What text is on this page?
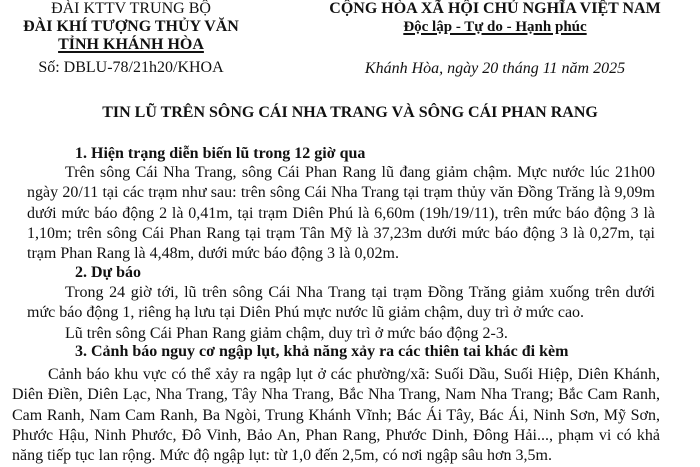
ĐÀI KTTV TRUNG BỘ
ĐÀI KHÍ TƯỢNG THỦY VĂN
TỈNH KHÁNH HÒA
Số: DBLU-78/21h20/KHOA
CỘNG HÒA XÃ HỘI CHỦ NGHĨA VIỆT NAM
Độc lập - Tự do - Hạnh phúc
Khánh Hòa, ngày 20 tháng 11 năm 2025
TIN LŨ TRÊN SÔNG CÁI NHA TRANG VÀ SÔNG CÁI PHAN RANG
1. Hiện trạng diễn biến lũ trong 12 giờ qua
Trên sông Cái Nha Trang, sông Cái Phan Rang lũ đang giảm chậm. Mực nước lúc 21h00 ngày 20/11 tại các trạm như sau: trên sông Cái Nha Trang tại trạm thủy văn Đồng Trăng là 9,09m dưới mức báo động 2 là 0,41m, tại trạm Diên Phú là 6,60m (19h/19/11), trên mức báo động 3 là 1,10m; trên sông Cái Phan Rang tại trạm Tân Mỹ là 37,23m dưới mức báo động 3 là 0,27m, tại trạm Phan Rang là 4,48m, dưới mức báo động 3 là 0,02m.
2. Dự báo
Trong 24 giờ tới, lũ trên sông Cái Nha Trang tại trạm Đồng Trăng giảm xuống trên dưới mức báo động 1, riêng hạ lưu tại Diên Phú mực nước lũ giảm chậm, duy trì ở mức cao.
Lũ trên sông Cái Phan Rang giảm chậm, duy trì ở mức báo động 2-3.
3. Cảnh báo nguy cơ ngập lụt, khả năng xảy ra các thiên tai khác đi kèm
Cảnh báo khu vực có thể xảy ra ngập lụt ở các phường/xã: Suối Dầu, Suối Hiệp, Diên Khánh, Diên Điền, Diên Lạc, Nha Trang, Tây Nha Trang, Bắc Nha Trang, Nam Nha Trang; Bắc Cam Ranh, Cam Ranh, Nam Cam Ranh, Ba Ngòi, Trung Khánh Vĩnh; Bác Ái Tây, Bác Ái, Ninh Sơn, Mỹ Sơn, Phước Hậu, Ninh Phước, Đô Vinh, Bảo An, Phan Rang, Phước Dinh, Đông Hải..., phạm vi có khả năng tiếp tục lan rộng. Mức độ ngập lụt: từ 1,0 đến 2,5m, có nơi ngập sâu hơn 3,5m.
